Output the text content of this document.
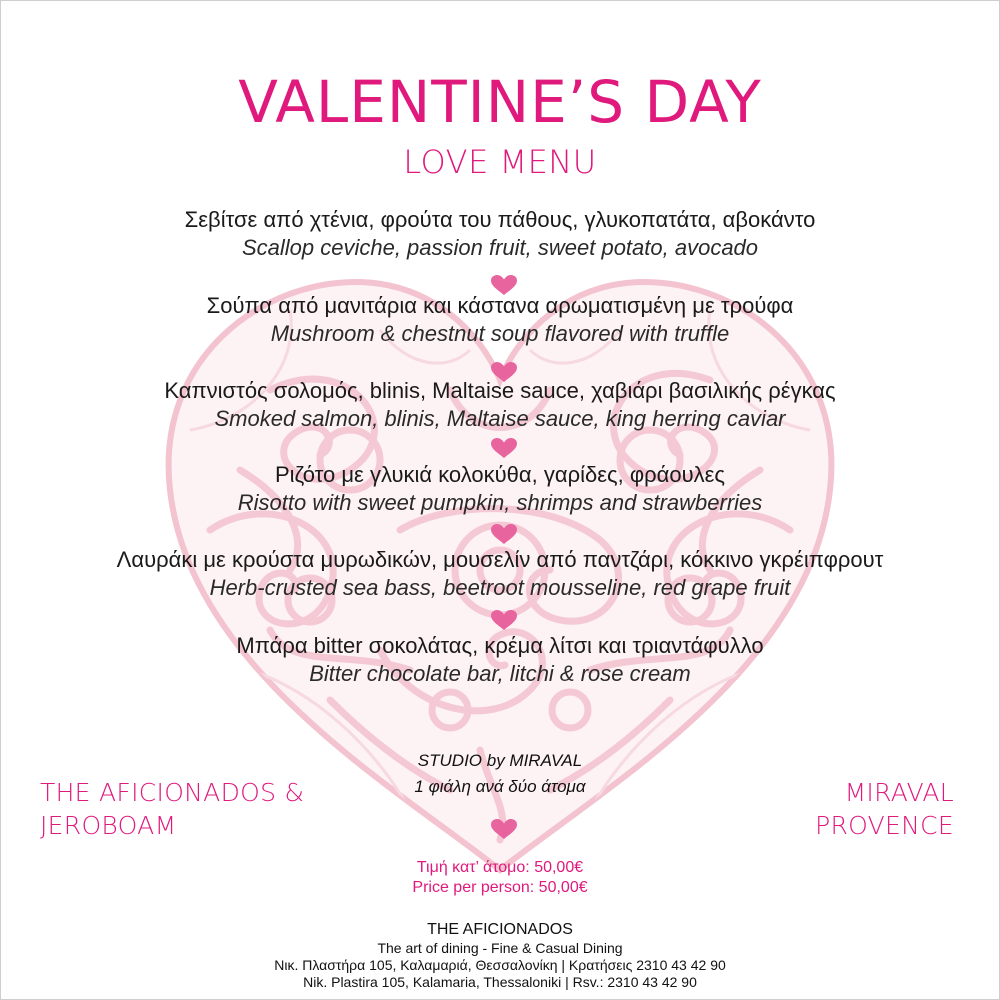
VALENTINE’S DAY
LOVE MENU
Σεβίτσε από χτένια, φρούτα του πάθους, γλυκοπατάτα, αβοκάντο
Scallop ceviche, passion fruit, sweet potato, avocado
Σούπα από μανιτάρια και κάστανα αρωματισμένη με τρούφα
Mushroom & chestnut soup flavored with truffle
Καπνιστός σολομός, blinis, Maltaise sauce, χαβιάρι βασιλικής ρέγκας
Smoked salmon, blinis, Maltaise sauce, king herring caviar
Ριζότο με γλυκιά κολοκύθα, γαρίδες, φράουλες
Risotto with sweet pumpkin, shrimps and strawberries
Λαυράκι με κρούστα μυρωδικών, μουσελίν από παντζάρι, κόκκινο γκρέιπφρουτ
Herb-crusted sea bass, beetroot mousseline, red grape fruit
Μπάρα bitter σοκολάτας, κρέμα λίτσι και τριαντάφυλλο
Bitter chocolate bar, litchi & rose cream
STUDIO by MIRAVAL
1 φιάλη ανά δύο άτομα
THE AFICIONADOS &
JEROBOAM
MIRAVAL
PROVENCE
Τιμή κατ’ άτομο: 50,00€
Price per person: 50,00€
THE AFICIONADOS
The art of dining - Fine & Casual Dining
Νικ. Πλαστήρα 105, Καλαμαριά, Θεσσαλονίκη | Κρατήσεις 2310 43 42 90
Nik. Plastira 105, Kalamaria, Thessaloniki | Rsv.: 2310 43 42 90
